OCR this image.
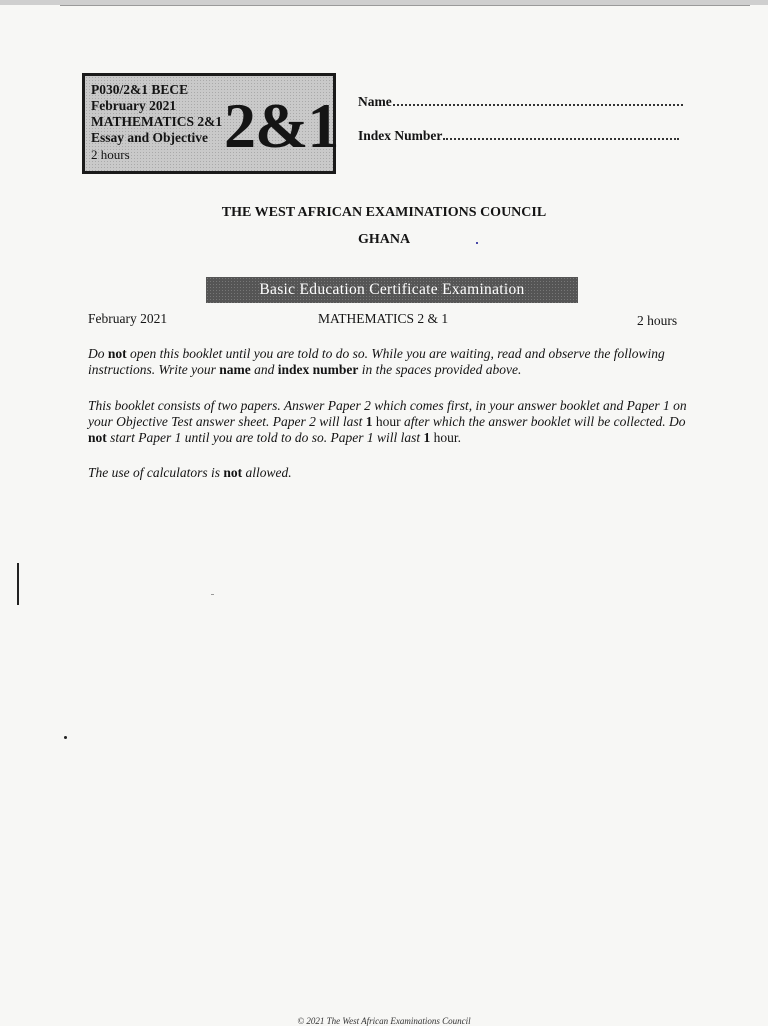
P030/2&1 BECE
February 2021
MATHEMATICS 2&1
Essay and Objective
2 hours 2&1 Name
Index Number
THE WEST AFRICAN EXAMINATIONS COUNCIL
GHANA
Basic Education Certificate Examination
February 2021	MATHEMATICS 2 & 1	2 hours

Do not open this booklet until you are told to do so. While you are waiting, read and observe the following instructions. Write your name and index number in the spaces provided above.

This booklet consists of two papers. Answer Paper 2 which comes first, in your answer booklet and Paper 1 on your Objective Test answer sheet. Paper 2 will last 1 hour after which the answer booklet will be collected. Do not start Paper 1 until you are told to do so. Paper 1 will last 1 hour.

The use of calculators is not allowed.

© 2021 The West African Examinations Council
